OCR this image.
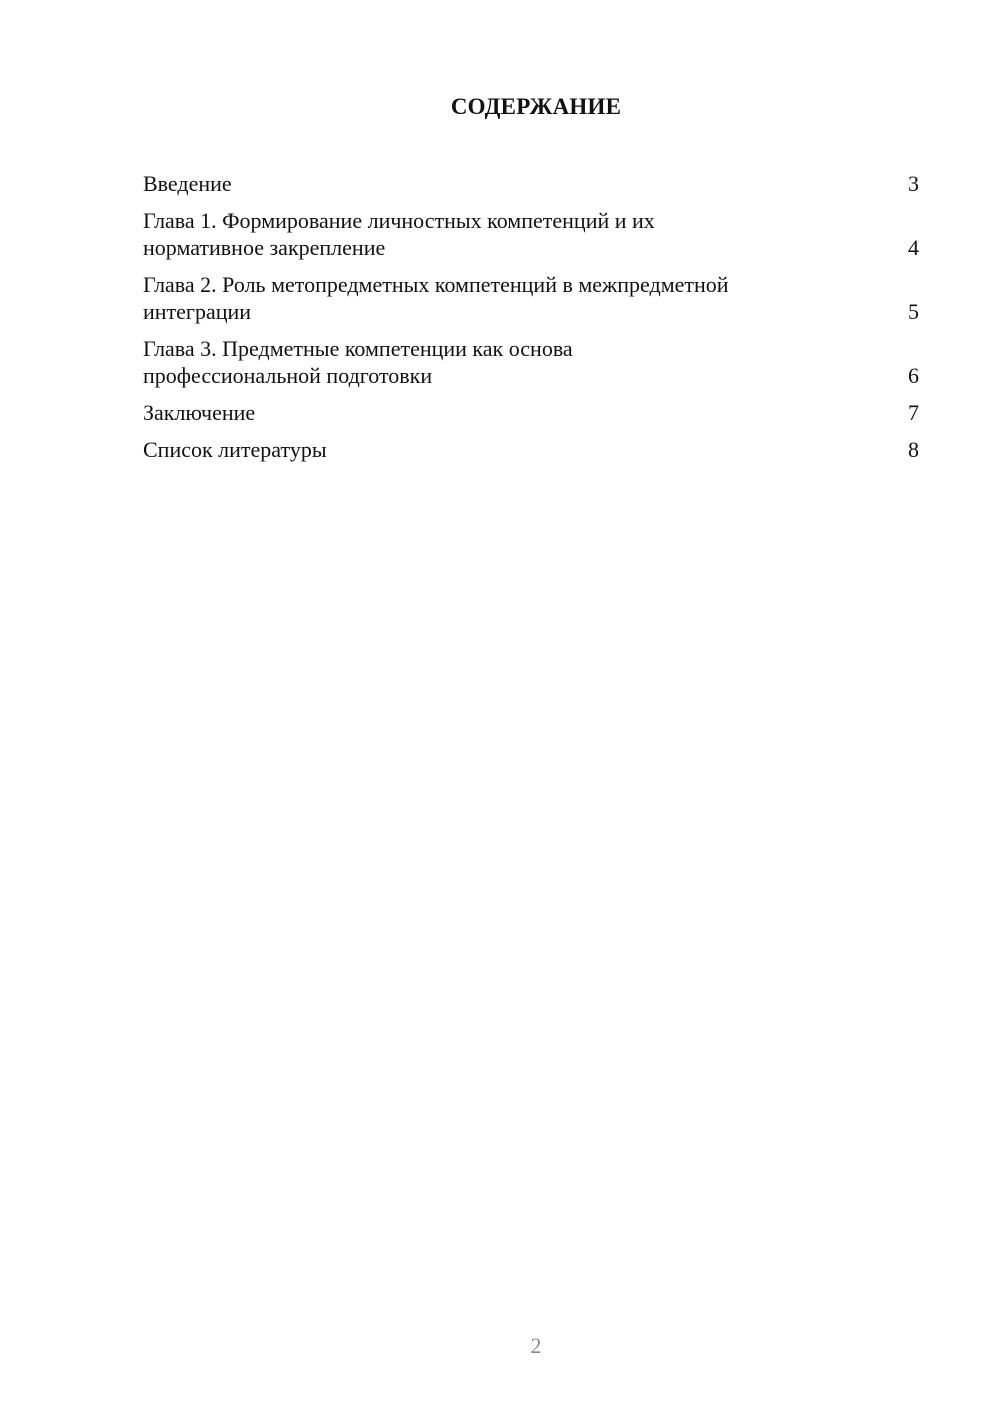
СОДЕРЖАНИЕ
Введение	3
Глава 1. Формирование личностных компетенций и их
нормативное закрепление	4
Глава 2. Роль метопредметных компетенций в межпредметной
интеграции	5
Глава 3. Предметные компетенции как основа
профессиональной подготовки	6
Заключение	7
Список литературы	8
2
